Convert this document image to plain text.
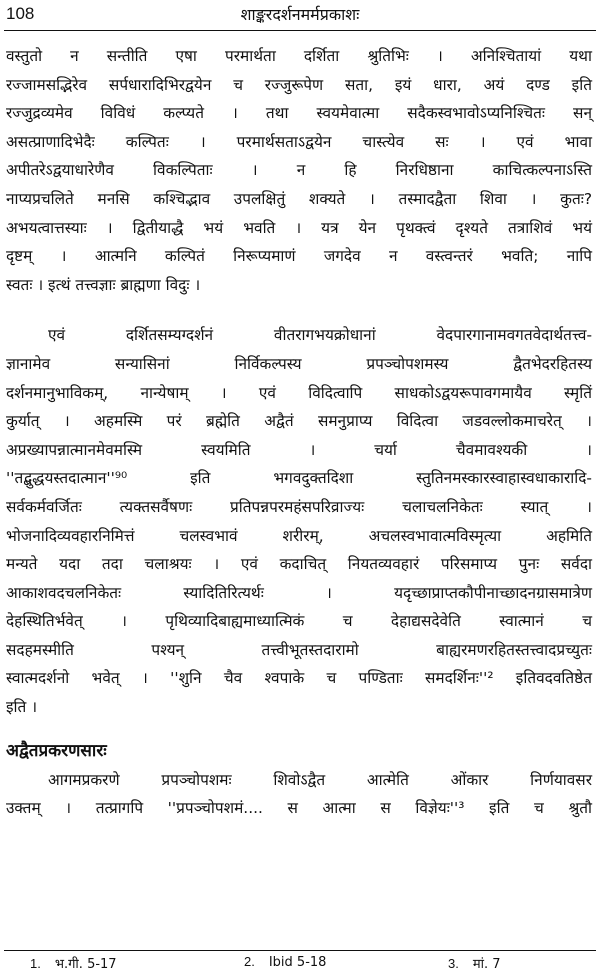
108	शाङ्करदर्शनमर्मप्रकाशः

वस्तुतो न सन्तीति एषा परमार्थता दर्शिता श्रुतिभिः । अनिश्चितायां यथा

रज्जामसद्भिरेव सर्पधारादिभिरद्वयेन च रज्जुरूपेण सता, इयं धारा, अयं दण्ड इति

रज्जुद्रव्यमेव विविधं कल्प्यते । तथा स्वयमेवात्मा सदैकस्वभावोऽप्यनिश्चितः सन्

असत्प्राणादिभेदैः कल्पितः । परमार्थसताऽद्वयेन चास्त्येव सः । एवं भावा

अपीतरेऽद्वयाधारेणैव विकल्पिताः । न हि निरधिष्ठाना काचित्कल्पनाऽस्ति

नाप्यप्रचलिते मनसि कश्चिद्भाव उपलक्षितुं शक्यते । तस्माद‌द्वैता शिवा । कुतः?

अभयत्वात्तस्याः । द्वितीयाद्धै भयं भवति । यत्र येन पृथक्त्वं दृश्यते तत्राशिवं भयं

दृष्टम् । आत्मनि कल्पितं निरूप्यमाणं जगदेव न वस्त्वन्तरं भवति; नापि

स्वतः । इत्थं तत्त्वज्ञाः ब्राह्मणा विदुः ।

एवं दर्शितसम्यग्दर्शनं वीतरागभयक्रोधानां वेदपारगानामवगतवेदार्थतत्त्व-

ज्ञानामेव सन्यासिनां निर्विकल्पस्य प्रपञ्चोपशमस्य द्वैतभेदरहितस्य

दर्शनमानुभाविकम्, नान्येषाम् । एवं विदित्वापि साधकोऽद्वयरूपावगमायैव स्मृतिं

कुर्यात् । अहमस्मि परं ब्रह्मेति अद्वैतं समनुप्राप्य विदित्वा जडवल्लोकमाचरेत् ।

अप्रख्यापन्नात्मानमेवमस्मि स्वयमिति । चर्या चैवमावश्यकी ।

''तद्बुद्धयस्तदात्मान''⁹⁰ इति भगवदुक्तदिशा स्तुतिनमस्कारस्वाहास्वधाकारादि-

सर्वकर्मवर्जितः त्यक्तसर्वैषणः प्रतिपन्नपरमहंसपरिव्राज्यः चलाचलनिकेतः स्यात् ।

भोजनादिव्यवहारनिमित्तं चलस्वभावं शरीरम्, अचलस्वभावात्मविस्मृत्या अहमिति

मन्यते यदा तदा चलाश्रयः । एवं कदाचित् नियतव्यवहारं परिसमाप्य पुनः सर्वदा

आकाशवदचलनिकेतः स्यादितिरित्यर्थः । यदृच्छाप्राप्तकौपीनाच्छादनग्रासमात्रेण

देहस्थितिर्भवेत् । पृथिव्यादिबाह्यमाध्यात्मिकं च देहाद्यसदेवेति स्वात्मानं च

सदहमस्मीति पश्यन् तत्त्वीभूतस्तदारामो बाह्यरमणरहितस्तत्त्वादप्रच्युतः

स्वात्मदर्शनो भवेत् । ''शुनि चैव श्वपाके च पण्डिताः समदर्शिनः''² इतिवदवतिष्ठेत

इति ।

अद्वैतप्रकरणसारः

आगमप्रकरणे प्रपञ्चोपशमः शिवोऽद्वैत आत्मेति ओंकार निर्णयावसर

उक्तम् । तत्प्रागपि ''प्रपञ्चोपशमं.... स आत्मा स विज्ञेयः''³ इति च श्रुतौ

1. भ.गी. 5-17	2. Ibid 5-18	3. मां. 7
